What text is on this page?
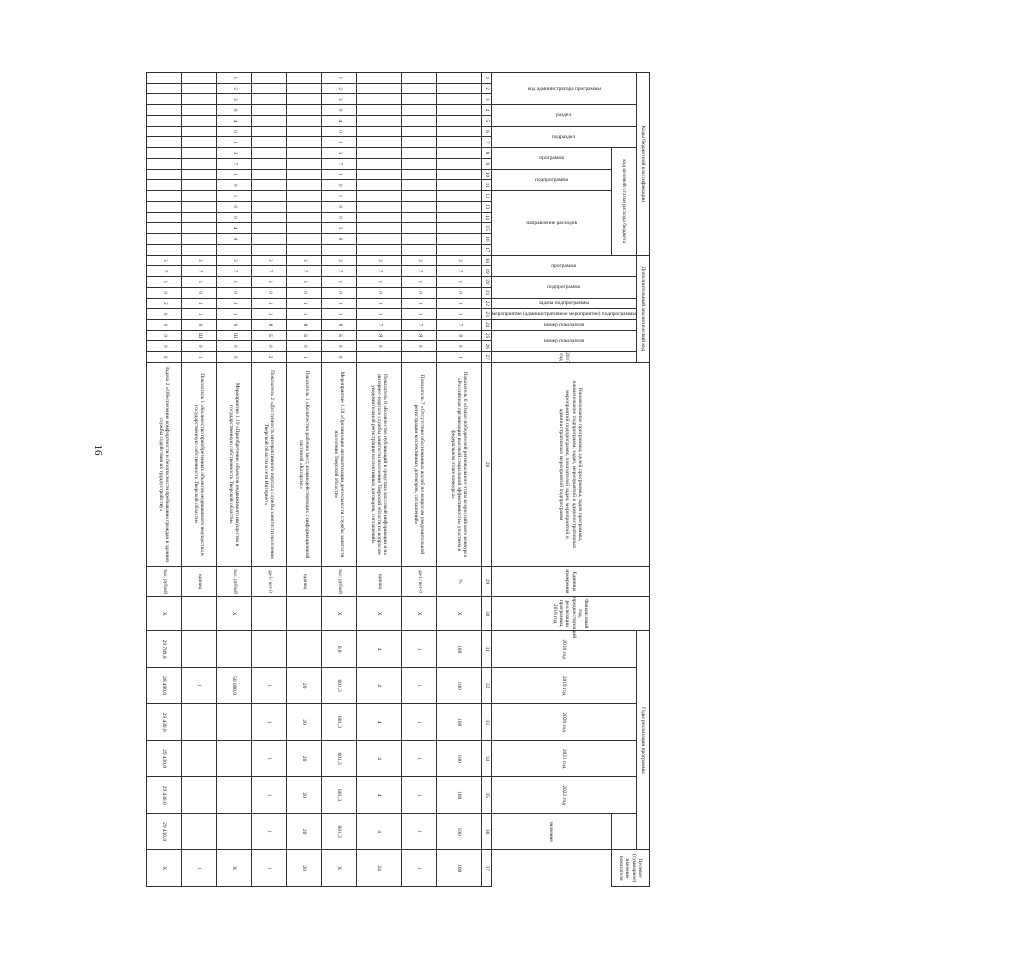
16
Коды бюджетной классификации																	Дополнительный аналитический код										Наименование программы, целей программы, задач программы, наименование подпрограмм, задач, мероприятий и административных мероприятий подпрограмм, показателей задач, мероприятий и административных мероприятий подпрограмм	Единица измерения	Финансовый год, предшествующий реализации программы, 2016 год	Годы реализации программы						Целевое (суммарное) значение показателя

код администратора программы			раздел		подраздел		код целевой статьи расхода бюджета										программа		подпрограмма		задача подпрограммы	мероприятие (административное мероприятие) подпрограммы	номер показателя	номер показателя		2017 год				2018 год	2019 год	2020 год	2021 год	2022 год		

							программа		подпрограмма		направление расходов																								значение	
1	2	3	4	5	6	7	8	9	10	11	12	13	14	15	16	17	18	19	20	21	22	23	24	25	26	27	28	29	30	31	32	33	34	35	36	37
																	3	7	1	0	1	1	7	8	0	1	Показатель 6 «Охват победителей регионального этапа всероссийского конкурса «Российская организация высокой социальной эффективности» участием в федеральном этапе конкурса»	%	Х	100	100	100	100	100	100	100
																	3	7	1	0	1	1	7	Я	0		Показатель 7 «Отсутствие обоснованных жалоб по вопросам уведомительной регистрации коллективных договоров, соглашений»	да-1/ нет-0	Х	1	1	1	1	1	1	1
																	3	7	1	0	1	1	7	Я	0		Показатель 8 «Количество публикаций в средствах массовой информации и на интернет-портале службы занятости населения Тверской области по вопросам уведомительной регистрации коллективных договоров, соглашений»	единиц	Х	4	4	4	4	4	4	24
1	2	3	0	4	0	1	3	7	1	0	1	0	0	3	0		3	7	1	0	1	1	8	Б	0	0	Мероприятие 1.18 «Организация автоматизации деятельности службы занятости населения Тверской области»	тыс. рублей	Х	0,0	601,3	601,3	601,3	601,3	601,3	Х
																	3	7	1	0	1	1	8	Б	0	1	Показатель 1 «Количество рабочих мест, взаимодействующих с информационной системой «Катарсис»	единиц			20	20	20	20	20	20
																	3	7	1	0	1	1	8	Б	0	2	Показатель 2 «Доступность интерактивного портала службы занятости населения Тверской области в сети Интернет»	да-1/ нет-0			1	1	1	1	1	1
1	2	3	0	4	0	1	3	7	1	0	1	0	0	4	0		3	7	1	0	1	1	9	Ш	0	0	Мероприятие 1.19 «Приобретение объектов недвижимого имущества в государственную собственность Тверской области»	тыс. рублей	Х		50 000,0					Х
																	3	7	1	0	1	1	9	Ш	0	1	Показатель 1 «Количество приобретенных объектов недвижимого имущества в государственную собственность Тверской области»	единиц			1					1
																	3	7	1	0	2	0	0	0	0	0	Задача 2 «Обеспечение комфортности и безопасности пребывания граждан в зданиях службы содействия их трудоустройству»	тыс. рублей	Х	29 789,8	28 490,6	29 430,0	29 430,0	29 430,0	29 430,0	Х
